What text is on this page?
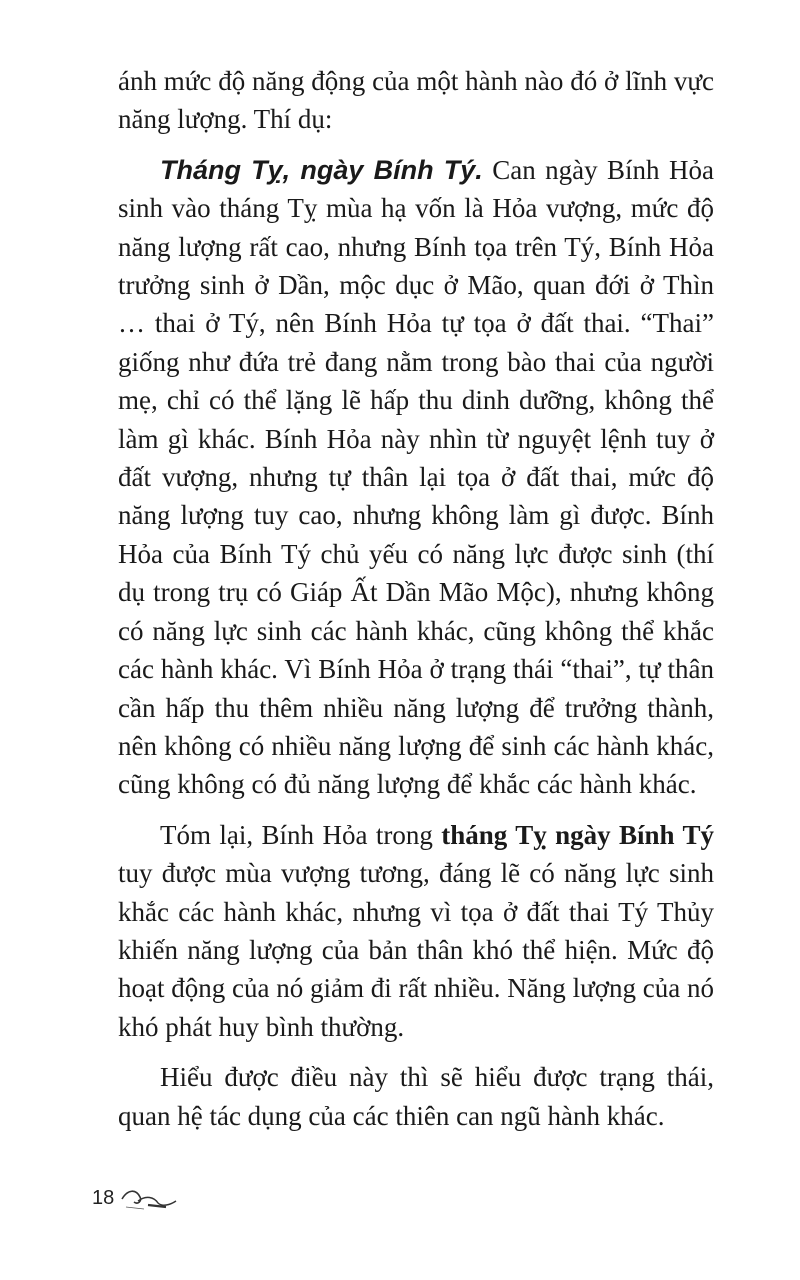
ánh mức độ năng động của một hành nào đó ở lĩnh vực năng lượng. Thí dụ:

Tháng Tỵ, ngày Bính Tý. Can ngày Bính Hỏa sinh vào tháng Tỵ mùa hạ vốn là Hỏa vượng, mức độ năng lượng rất cao, nhưng Bính tọa trên Tý, Bính Hỏa trưởng sinh ở Dần, mộc dục ở Mão, quan đới ở Thìn … thai ở Tý, nên Bính Hỏa tự tọa ở đất thai. “Thai” giống như đứa trẻ đang nằm trong bào thai của người mẹ, chỉ có thể lặng lẽ hấp thu dinh dưỡng, không thể làm gì khác. Bính Hỏa này nhìn từ nguyệt lệnh tuy ở đất vượng, nhưng tự thân lại tọa ở đất thai, mức độ năng lượng tuy cao, nhưng không làm gì được. Bính Hỏa của Bính Tý chủ yếu có năng lực được sinh (thí dụ trong trụ có Giáp Ất Dần Mão Mộc), nhưng không có năng lực sinh các hành khác, cũng không thể khắc các hành khác. Vì Bính Hỏa ở trạng thái “thai”, tự thân cần hấp thu thêm nhiều năng lượng để trưởng thành, nên không có nhiều năng lượng để sinh các hành khác, cũng không có đủ năng lượng để khắc các hành khác.

Tóm lại, Bính Hỏa trong tháng Tỵ ngày Bính Tý tuy được mùa vượng tương, đáng lẽ có năng lực sinh khắc các hành khác, nhưng vì tọa ở đất thai Tý Thủy khiến năng lượng của bản thân khó thể hiện. Mức độ hoạt động của nó giảm đi rất nhiều. Năng lượng của nó khó phát huy bình thường.

Hiểu được điều này thì sẽ hiểu được trạng thái, quan hệ tác dụng của các thiên can ngũ hành khác.

18
